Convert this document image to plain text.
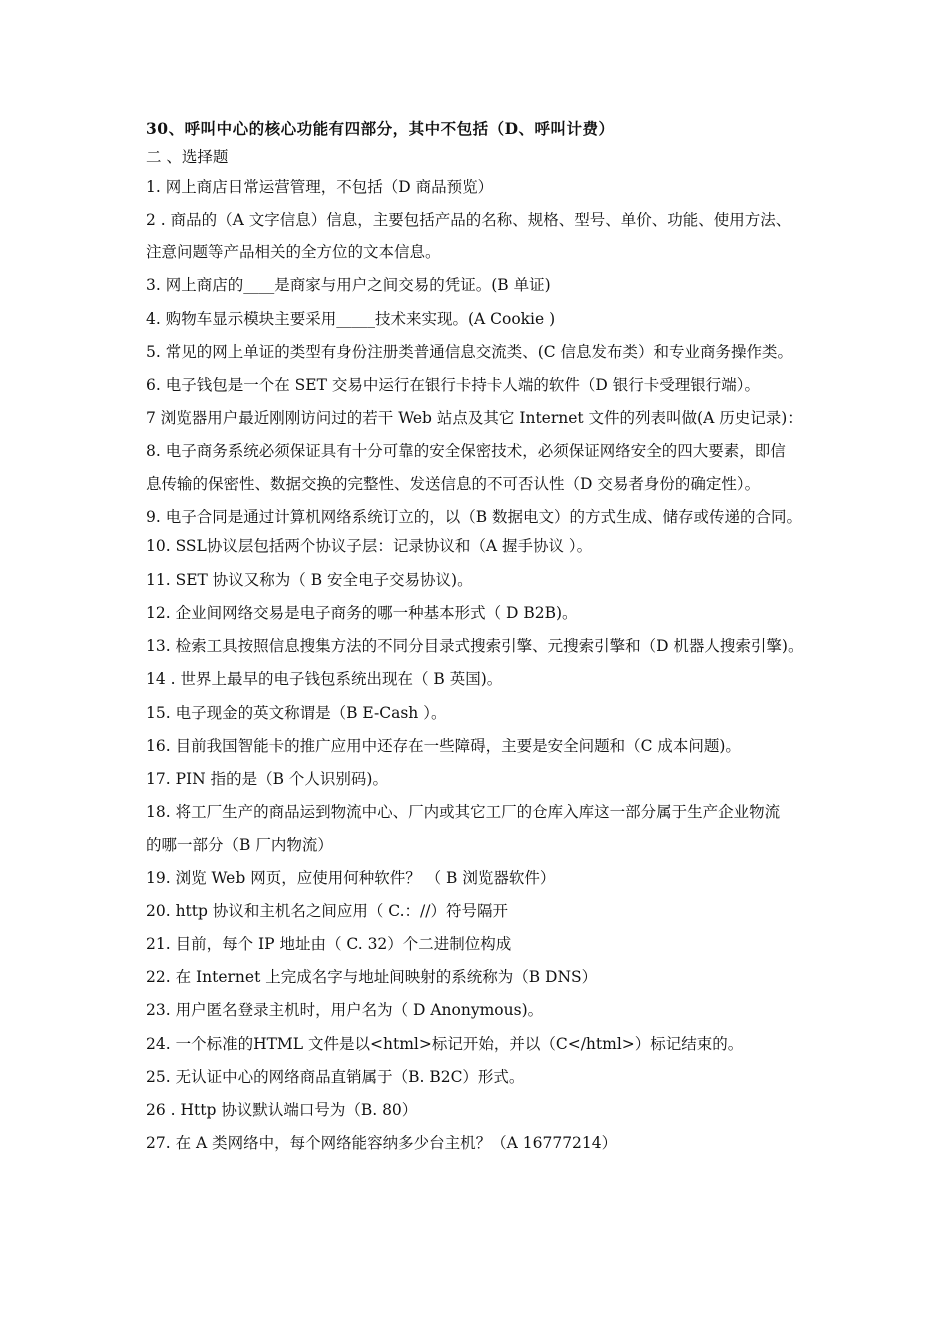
30、呼叫中心的核心功能有四部分，其中不包括（D、呼叫计费）
二 、选择题
1. 网上商店日常运营管理，不包括（D 商品预览）
2 . 商品的（A 文字信息）信息，主要包括产品的名称、规格、型号、单价、功能、使用方法、
注意问题等产品相关的全方位的文本信息。
3. 网上商店的____是商家与用户之间交易的凭证。(B 单证)
4. 购物车显示模块主要采用_____技术来实现。(A Cookie )
5. 常见的网上单证的类型有身份注册类普通信息交流类、(C 信息发布类）和专业商务操作类。
6. 电子钱包是一个在 SET 交易中运行在银行卡持卡人端的软件（D 银行卡受理银行端）。
7 浏览器用户最近刚刚访问过的若干 Web 站点及其它 Internet 文件的列表叫做(A 历史记录)：
8. 电子商务系统必须保证具有十分可靠的安全保密技术，必须保证网络安全的四大要素，即信
息传输的保密性、数据交换的完整性、发送信息的不可否认性（D 交易者身份的确定性）。
9. 电子合同是通过计算机网络系统订立的，以（B 数据电文）的方式生成、储存或传递的合同。
10. SSL协议层包括两个协议子层：记录协议和（A 握手协议 ）。
11. SET 协议又称为（ B 安全电子交易协议)。
12. 企业间网络交易是电子商务的哪一种基本形式（ D B2B)。
13. 检索工具按照信息搜集方法的不同分目录式搜索引擎、元搜索引擎和（D 机器人搜索引擎)。
14 . 世界上最早的电子钱包系统出现在（ B 英国)。
15. 电子现金的英文称谓是（B E-Cash ）。
16. 目前我国智能卡的推广应用中还存在一些障碍，主要是安全问题和（C 成本问题)。
17. PIN 指的是（B 个人识别码)。
18. 将工厂生产的商品运到物流中心、厂内或其它工厂的仓库入库这一部分属于生产企业物流
的哪一部分（B 厂内物流）
19. 浏览 Web 网页，应使用何种软件？ （ B 浏览器软件）
20. http 协议和主机名之间应用（ C.：//）符号隔开
21. 目前，每个 IP 地址由（ C. 32）个二进制位构成
22. 在 Internet 上完成名字与地址间映射的系统称为（B DNS）
23. 用户匿名登录主机时，用户名为（ D Anonymous)。
24. 一个标准的HTML 文件是以<html>标记开始，并以（C</html>）标记结束的。
25. 无认证中心的网络商品直销属于（B. B2C）形式。
26 . Http 协议默认端口号为（B. 80）
27. 在 A 类网络中，每个网络能容纳多少台主机？（A 16777214）
